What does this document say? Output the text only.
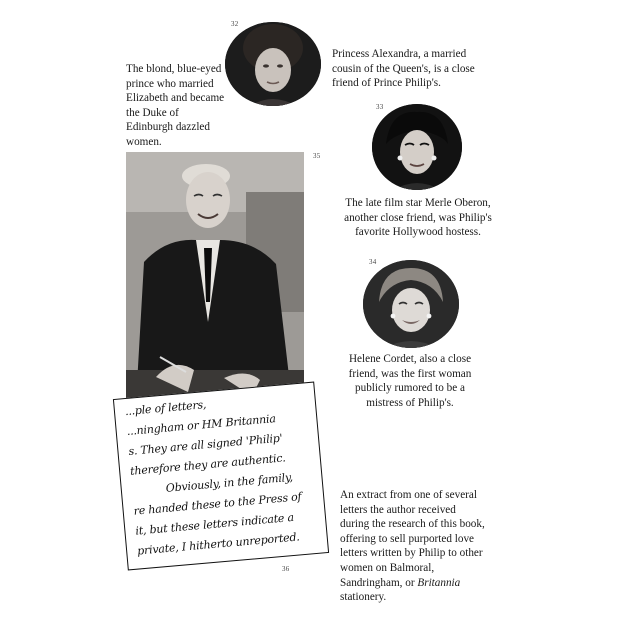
32
33
35
34
36

The blond, blue-eyed prince who married Elizabeth and became the Duke of Edinburgh dazzled women.

Princess Alexandra, a married cousin of the Queen's, is a close friend of Prince Philip's.

The late film star Merle Oberon, another close friend, was Philip's favorite Hollywood hostess.

Helene Cordet, also a close friend, was the first woman publicly rumored to be a mistress of Philip's.

...ple of letters,
...ningham or HM Britannia
s. They are all signed 'Philip'
therefore they are authentic.
Obviously, in the family,
re handed these to the Press of
it, but these letters indicate a
private, I hitherto unreported.

An extract from one of several letters the author received during the research of this book, offering to sell purported love letters written by Philip to other women on Balmoral, Sandringham, or Britannia stationery.
